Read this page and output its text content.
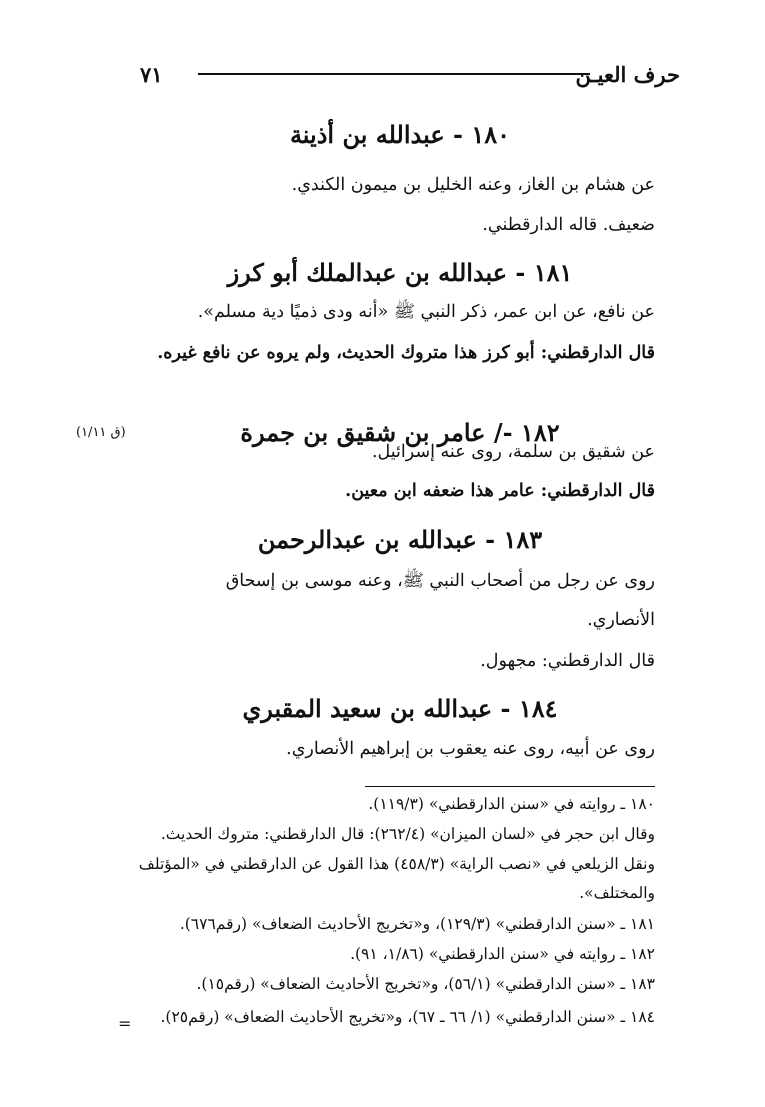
حرف العيـن
٧١
١٨٠ - عبدالله بن أذينة
عن هشام بن الغاز، وعنه الخليل بن ميمون الكندي.
ضعيف. قاله الدارقطني.
١٨١ - عبدالله بن عبدالملك أبو كرز
عن نافع، عن ابن عمر، ذكر النبي ﷺ «أنه ودى ذميًا دية مسلم».
قال الدارقطني: أبو كرز هذا متروك الحديث، ولم يروه عن نافع غيره.
(ق ١/١١)	١٨٢ -/ عامر بن شقيق بن جمرة
عن شقيق بن سلمة، روى عنه إسرائيل.
قال الدارقطني: عامر هذا ضعفه ابن معين.
١٨٣ - عبدالله بن عبدالرحمن
روى عن رجل من أصحاب النبي ﷺ، وعنه موسى بن إسحاق
الأنصاري.
قال الدارقطني: مجهول.
١٨٤ - عبدالله بن سعيد المقبري
روى عن أبيه، روى عنه يعقوب بن إبراهيم الأنصاري.
١٨٠ ـ روايته في «سنن الدارقطني» (١١٩/٣).
وقال ابن حجر في «لسان الميزان» (٢٦٢/٤): قال الدارقطني: متروك الحديث.
ونقل الزيلعي في «نصب الراية» (٤٥٨/٣) هذا القول عن الدارقطني في «المؤتلف
والمختلف».
١٨١ ـ «سنن الدارقطني» (١٢٩/٣)، و«تخريج الأحاديث الضعاف» (رقم٦٧٦).
١٨٢ ـ روايته في «سنن الدارقطني» (١/٨٦، ٩١).
١٨٣ ـ «سنن الدارقطني» (٥٦/١)، و«تخريج الأحاديث الضعاف» (رقم١٥).
١٨٤ ـ «سنن الدارقطني» (١/ ٦٦ ـ ٦٧)، و«تخريج الأحاديث الضعاف» (رقم٢٥).
=
